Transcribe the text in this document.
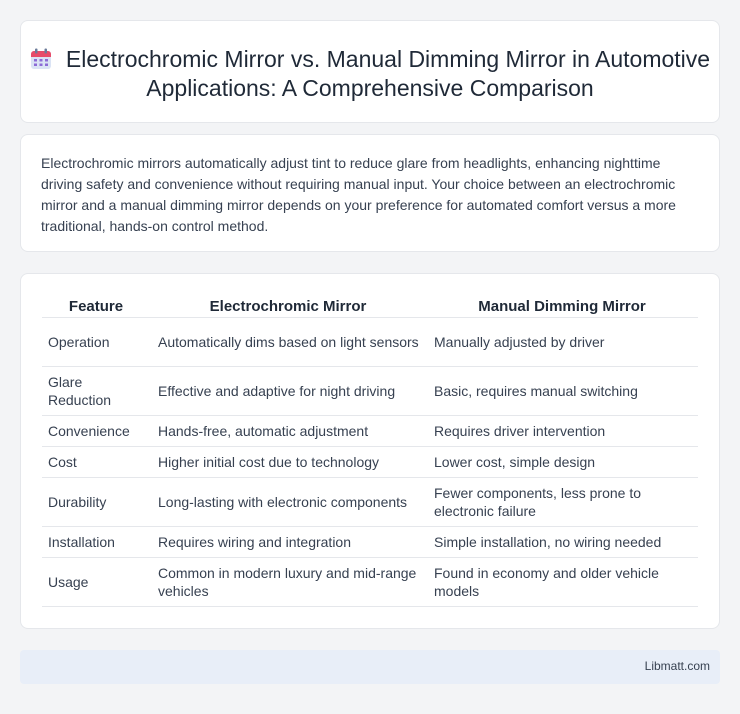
Electrochromic Mirror vs. Manual Dimming Mirror in Automotive Applications: A Comprehensive Comparison

Electrochromic mirrors automatically adjust tint to reduce glare from headlights, enhancing nighttime driving safety and convenience without requiring manual input. Your choice between an electrochromic mirror and a manual dimming mirror depends on your preference for automated comfort versus a more traditional, hands-on control method.

Feature	Electrochromic Mirror	Manual Dimming Mirror
Operation	Automatically dims based on light sensors	Manually adjusted by driver
Glare Reduction	Effective and adaptive for night driving	Basic, requires manual switching
Convenience	Hands-free, automatic adjustment	Requires driver intervention
Cost	Higher initial cost due to technology	Lower cost, simple design
Durability	Long-lasting with electronic components	Fewer components, less prone to electronic failure
Installation	Requires wiring and integration	Simple installation, no wiring needed
Usage	Common in modern luxury and mid-range vehicles	Found in economy and older vehicle models
Libmatt.com
